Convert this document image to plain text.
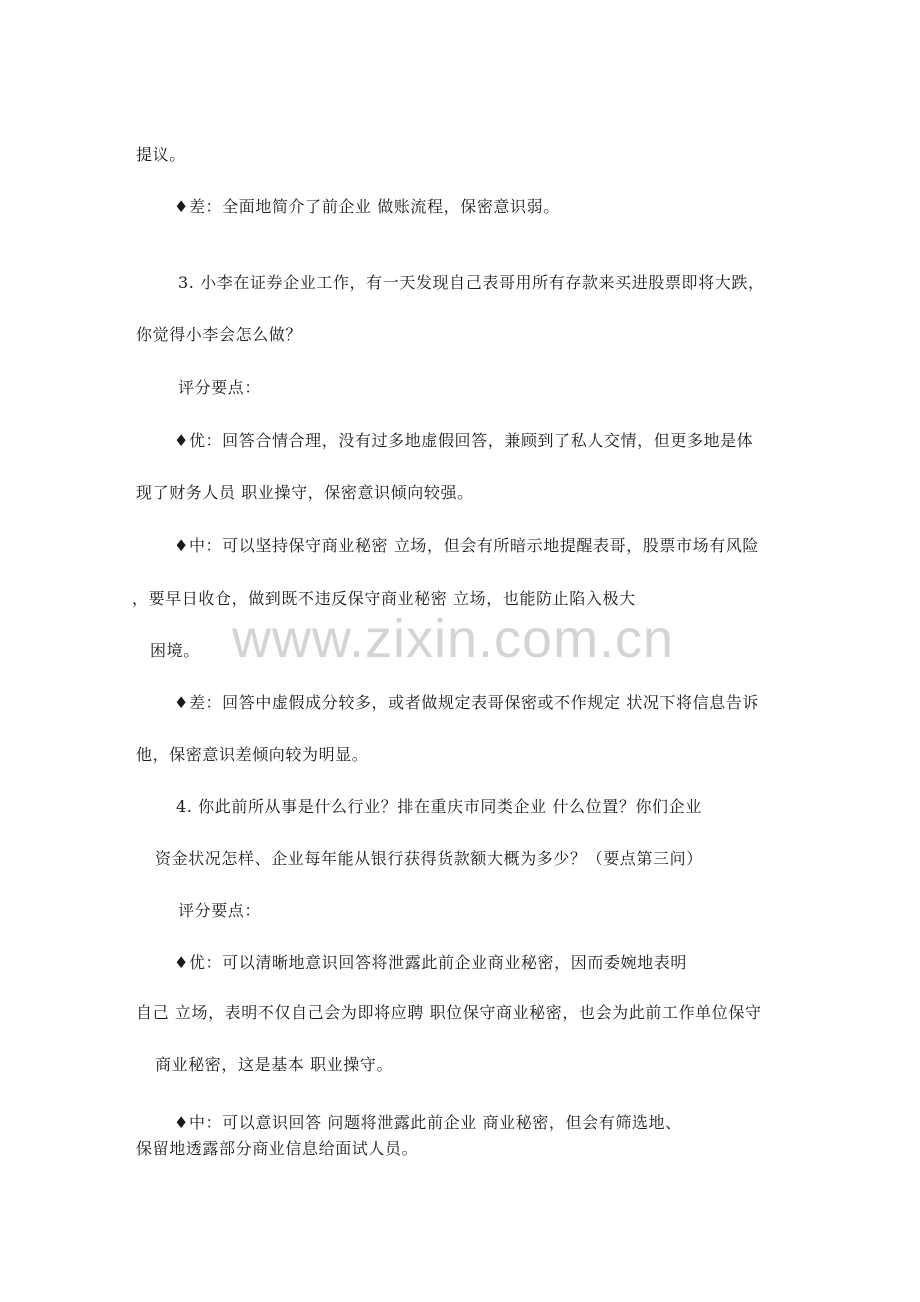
www.zixin.com.cn
提议。
♦差：全面地简介了前企业 做账流程，保密意识弱。
3. 小李在证券企业工作，有一天发现自己表哥用所有存款来买进股票即将大跌，
你觉得小李会怎么做？
评分要点：
♦优：回答合情合理，没有过多地虚假回答，兼顾到了私人交情，但更多地是体
现了财务人员 职业操守，保密意识倾向较强。
♦中：可以坚持保守商业秘密 立场，但会有所暗示地提醒表哥，股票市场有风险
，要早日收仓，做到既不违反保守商业秘密 立场，也能防止陷入极大
困境。
♦差：回答中虚假成分较多，或者做规定表哥保密或不作规定 状况下将信息告诉
他，保密意识差倾向较为明显。
4. 你此前所从事是什么行业？排在重庆市同类企业 什么位置？你们企业
资金状况怎样、企业每年能从银行获得货款额大概为多少？（要点第三问）
评分要点：
♦优：可以清晰地意识回答将泄露此前企业商业秘密，因而委婉地表明
自己 立场，表明不仅自己会为即将应聘 职位保守商业秘密，也会为此前工作单位保守
商业秘密，这是基本 职业操守。
♦中：可以意识回答 问题将泄露此前企业 商业秘密，但会有筛选地、
保留地透露部分商业信息给面试人员。
